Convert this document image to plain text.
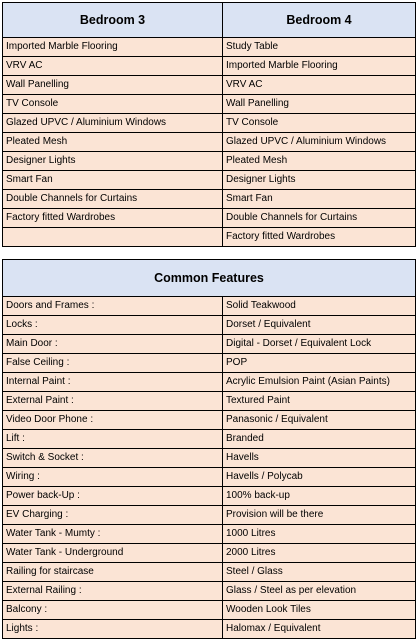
Bedroom 3	Bedroom 4
Imported Marble Flooring	Study Table
VRV AC	Imported Marble Flooring
Wall Panelling	VRV AC
TV Console	Wall Panelling
Glazed UPVC / Aluminium Windows	TV Console
Pleated Mesh	Glazed UPVC / Aluminium Windows
Designer Lights	Pleated Mesh
Smart Fan	Designer Lights
Double Channels for Curtains	Smart Fan
Factory fitted Wardrobes	Double Channels for Curtains
	Factory fitted Wardrobes
Common Features	
Doors and Frames :	Solid Teakwood
Locks :	Dorset / Equivalent
Main Door :	Digital - Dorset / Equivalent Lock
False Ceiling :	POP
Internal Paint :	Acrylic Emulsion Paint (Asian Paints)
External Paint :	Textured Paint
Video Door Phone :	Panasonic / Equivalent
Lift :	Branded
Switch & Socket :	Havells
Wiring :	Havells / Polycab
Power back-Up :	100% back-up
EV Charging :	Provision will be there
Water Tank - Mumty :	1000 Litres
Water Tank - Underground	2000 Litres
Railing for staircase	Steel / Glass
External Railing :	Glass / Steel as per elevation
Balcony :	Wooden Look Tiles
Lights :	Halomax / Equivalent
